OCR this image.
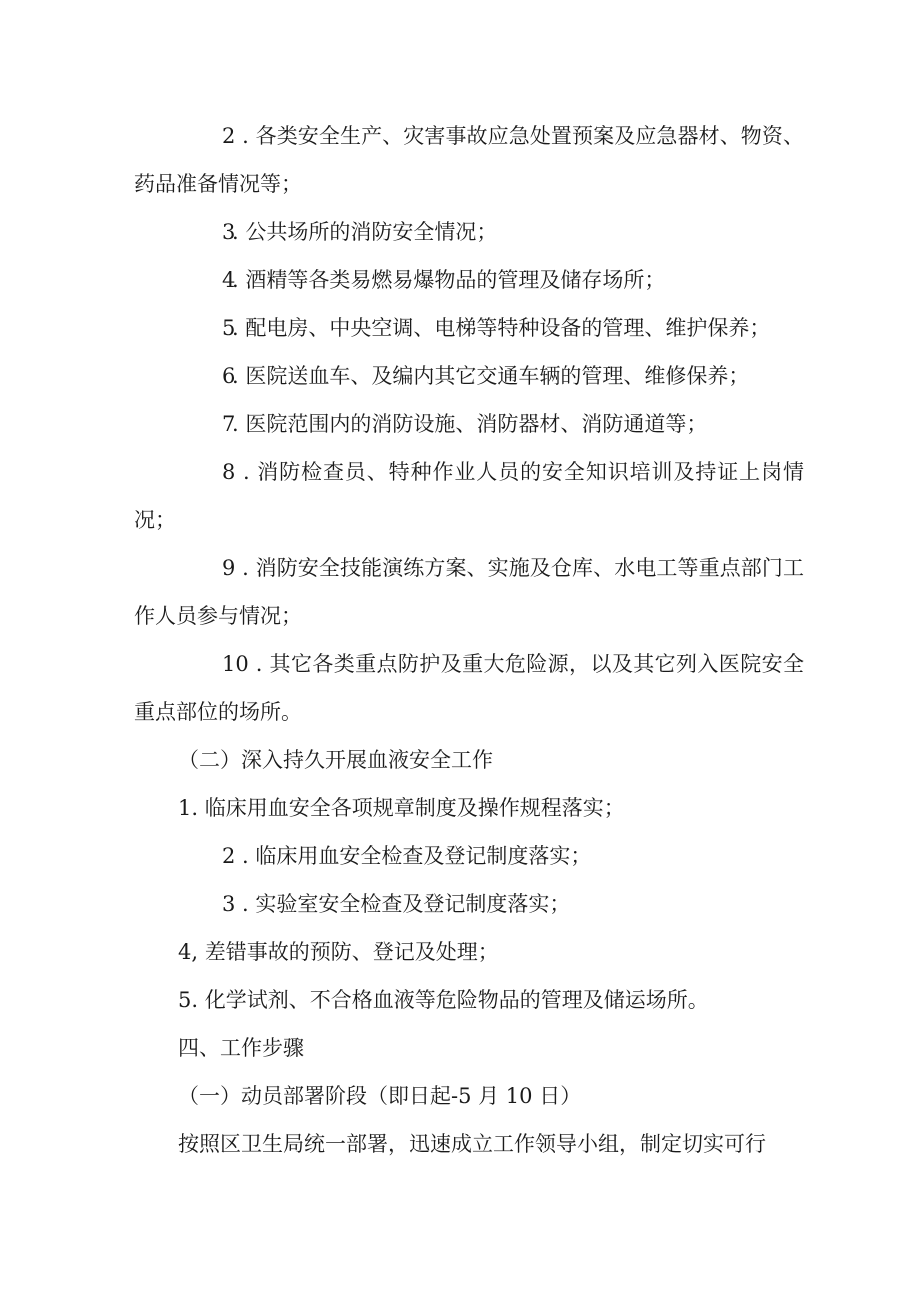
2 . 各类安全生产、灾害事故应急处置预案及应急器材、物资、药品准备情况等；

3. 公共场所的消防安全情况；

4. 酒精等各类易燃易爆物品的管理及储存场所；

5. 配电房、中央空调、电梯等特种设备的管理、维护保养；

6. 医院送血车、及编内其它交通车辆的管理、维修保养；

7. 医院范围内的消防设施、消防器材、消防通道等；

8 . 消防检查员、特种作业人员的安全知识培训及持证上岗情况；

9 . 消防安全技能演练方案、实施及仓库、水电工等重点部门工作人员参与情况；

10 . 其它各类重点防护及重大危险源，以及其它列入医院安全重点部位的场所。

（二）深入持久开展血液安全工作

1. 临床用血安全各项规章制度及操作规程落实；

2 . 临床用血安全检查及登记制度落实；

3 . 实验室安全检查及登记制度落实；

4, 差错事故的预防、登记及处理；

5. 化学试剂、不合格血液等危险物品的管理及储运场所。

四、工作步骤

（一）动员部署阶段（即日起-5 月 10 日）

按照区卫生局统一部署，迅速成立工作领导小组，制定切实可行
